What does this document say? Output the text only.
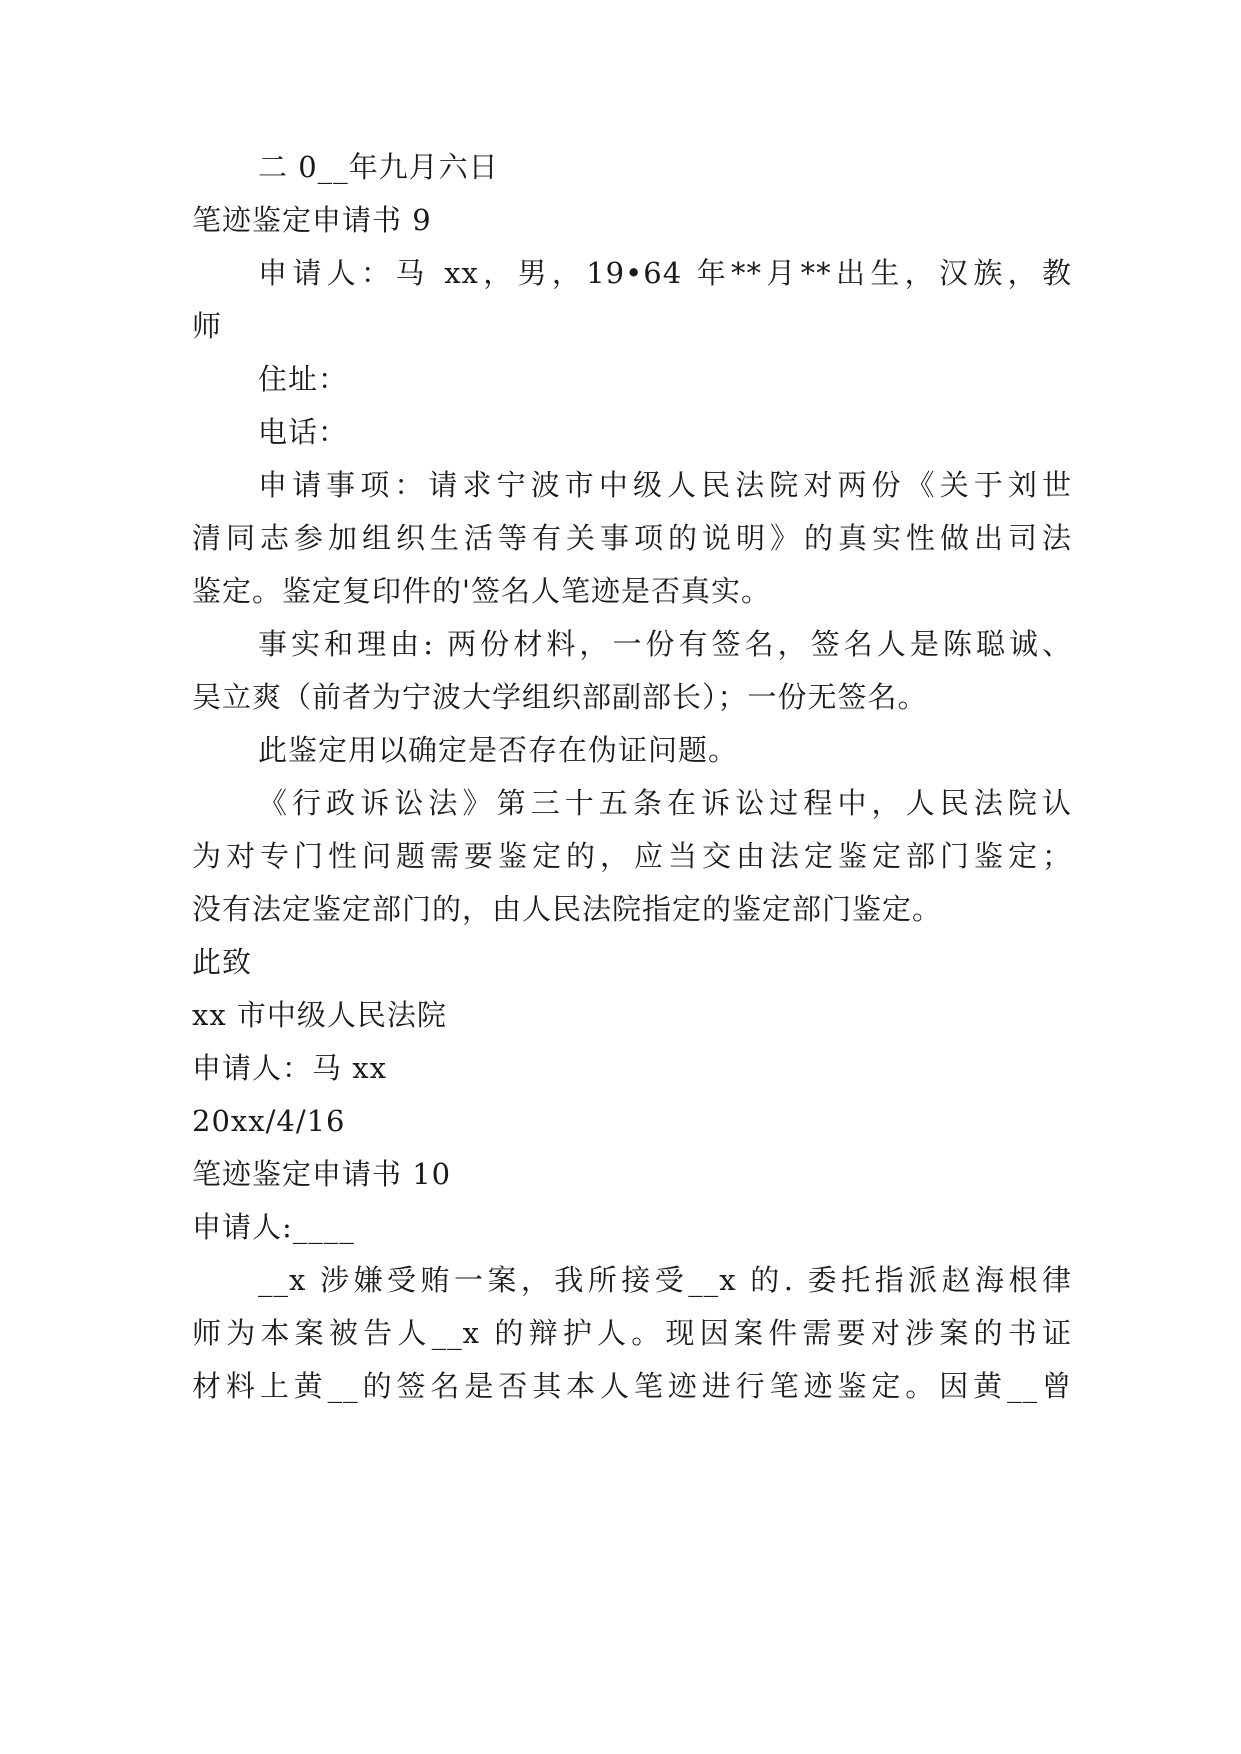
二 0__年九月六日
笔迹鉴定申请书 9
申请人：马 xx，男，19•64 年**月**出生，汉族，教
师
住址：
电话：
申请事项：请求宁波市中级人民法院对两份《关于刘世
清同志参加组织生活等有关事项的说明》的真实性做出司法
鉴定。鉴定复印件的'签名人笔迹是否真实。
事实和理由: 两份材料，一份有签名，签名人是陈聪诚、
吴立爽（前者为宁波大学组织部副部长）；一份无签名。
此鉴定用以确定是否存在伪证问题。
《行政诉讼法》第三十五条在诉讼过程中，人民法院认
为对专门性问题需要鉴定的，应当交由法定鉴定部门鉴定；
没有法定鉴定部门的，由人民法院指定的鉴定部门鉴定。
此致
xx 市中级人民法院
申请人：马 xx
20xx/4/16
笔迹鉴定申请书 10
申请人:____
__x 涉嫌受贿一案，我所接受__x 的. 委托指派赵海根律
师为本案被告人__x 的辩护人。现因案件需要对涉案的书证
材料上黄__的签名是否其本人笔迹进行笔迹鉴定。因黄__曾
